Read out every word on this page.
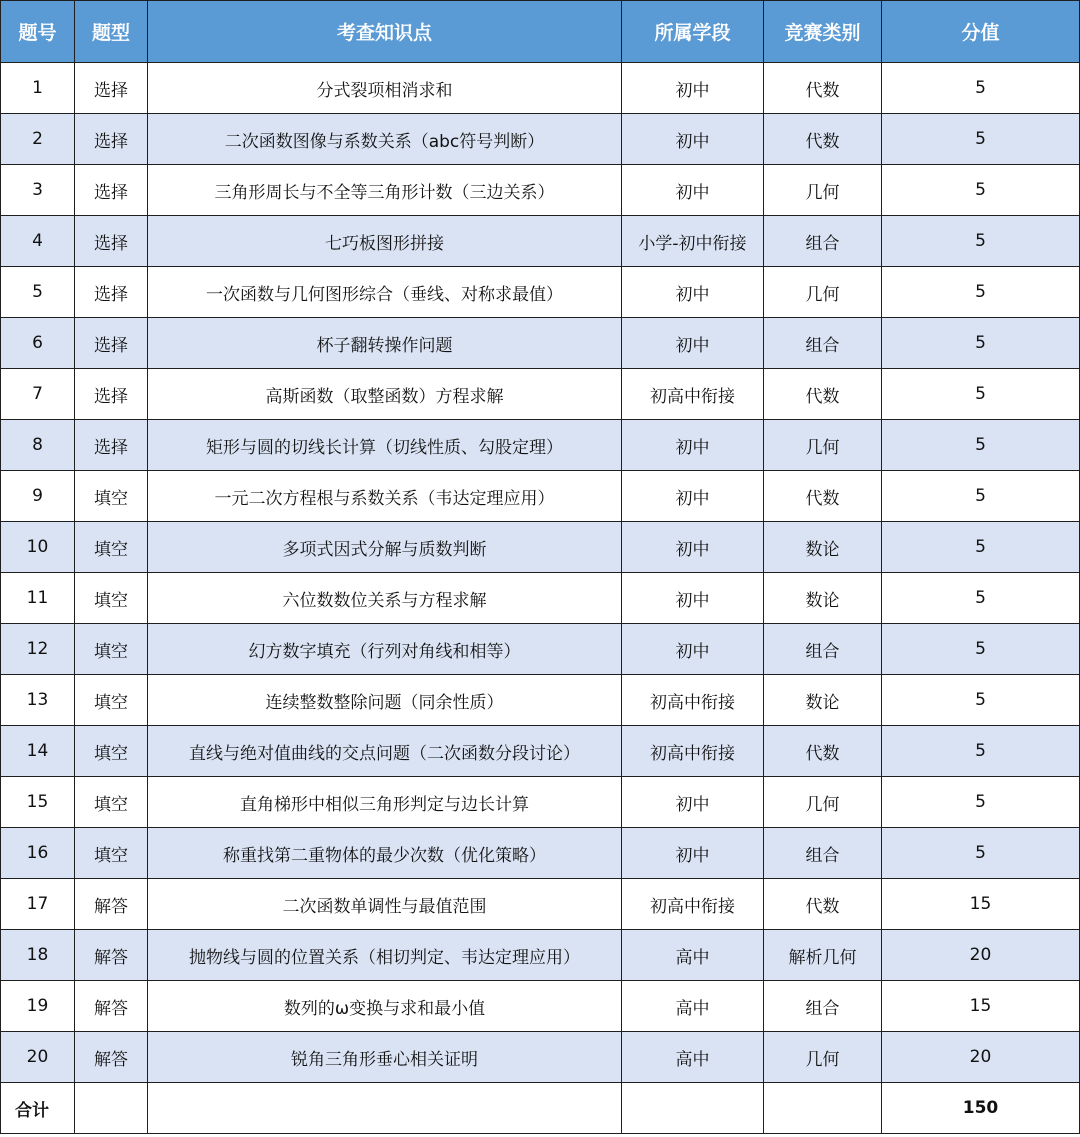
题号	题型	考查知识点	所属学段	竞赛类别	分值
1	选择	分式裂项相消求和	初中	代数	5
2	选择	二次函数图像与系数关系（abc符号判断）	初中	代数	5
3	选择	三角形周长与不全等三角形计数（三边关系）	初中	几何	5
4	选择	七巧板图形拼接	小学-初中衔接	组合	5
5	选择	一次函数与几何图形综合（垂线、对称求最值）	初中	几何	5
6	选择	杯子翻转操作问题	初中	组合	5
7	选择	高斯函数（取整函数）方程求解	初高中衔接	代数	5
8	选择	矩形与圆的切线长计算（切线性质、勾股定理）	初中	几何	5
9	填空	一元二次方程根与系数关系（韦达定理应用）	初中	代数	5
10	填空	多项式因式分解与质数判断	初中	数论	5
11	填空	六位数数位关系与方程求解	初中	数论	5
12	填空	幻方数字填充（行列对角线和相等）	初中	组合	5
13	填空	连续整数整除问题（同余性质）	初高中衔接	数论	5
14	填空	直线与绝对值曲线的交点问题（二次函数分段讨论）	初高中衔接	代数	5
15	填空	直角梯形中相似三角形判定与边长计算	初中	几何	5
16	填空	称重找第二重物体的最少次数（优化策略）	初中	组合	5
17	解答	二次函数单调性与最值范围	初高中衔接	代数	15
18	解答	抛物线与圆的位置关系（相切判定、韦达定理应用）	高中	解析几何	20
19	解答	数列的ω变换与求和最小值	高中	组合	15
20	解答	锐角三角形垂心相关证明	高中	几何	20
合计					150
